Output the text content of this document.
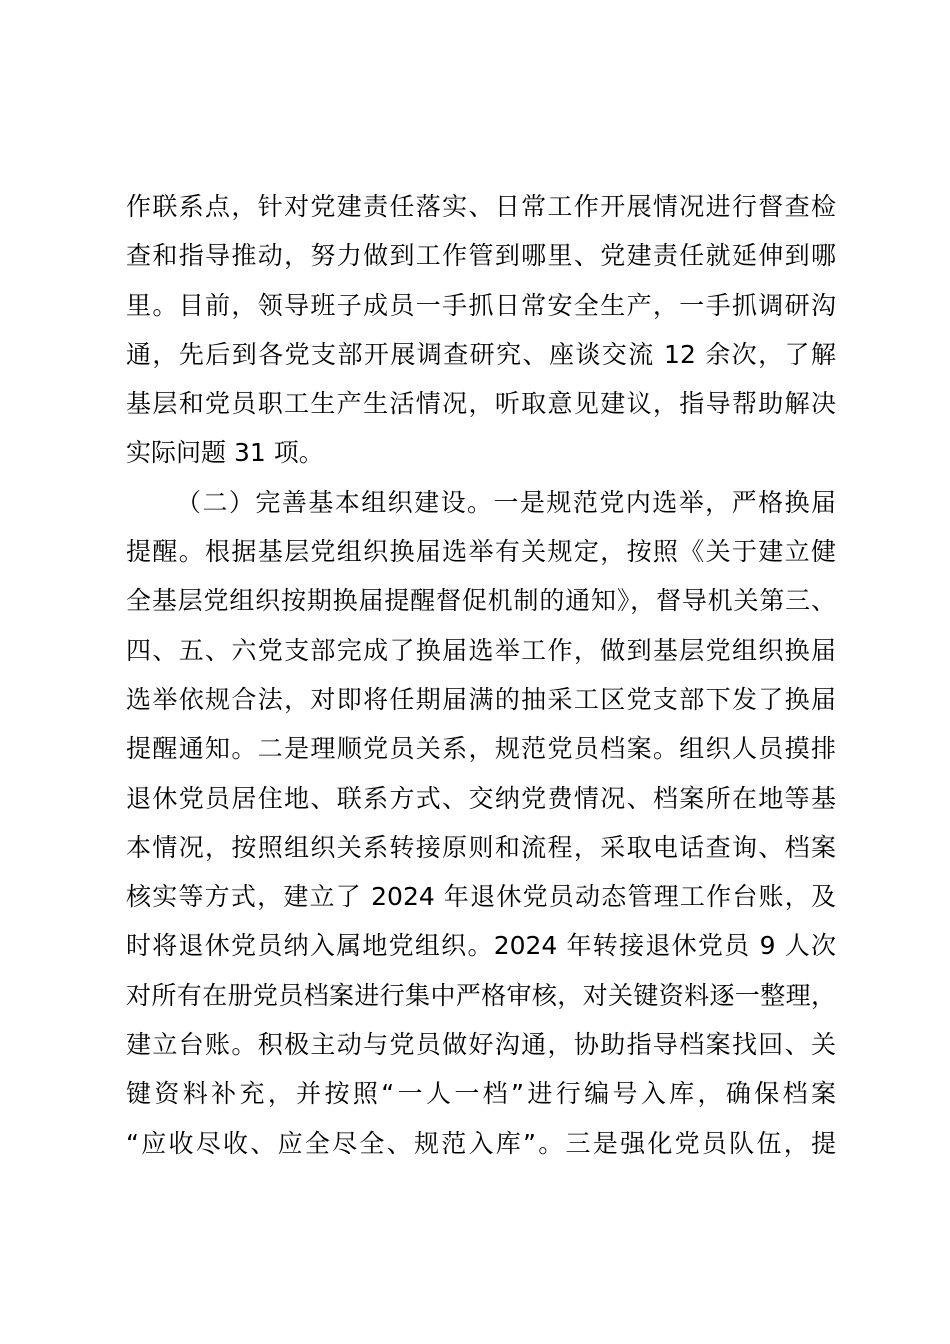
作联系点，针对党建责任落实、日常工作开展情况进行督查检
查和指导推动，努力做到工作管到哪里、党建责任就延伸到哪
里。目前，领导班子成员一手抓日常安全生产，一手抓调研沟
通，先后到各党支部开展调查研究、座谈交流 12 余次，了解
基层和党员职工生产生活情况，听取意见建议，指导帮助解决
实际问题 31 项。
（二）完善基本组织建设。一是规范党内选举，严格换届
提醒。根据基层党组织换届选举有关规定，按照《关于建立健
全基层党组织按期换届提醒督促机制的通知》，督导机关第三、
四、五、六党支部完成了换届选举工作，做到基层党组织换届
选举依规合法，对即将任期届满的抽采工区党支部下发了换届
提醒通知。二是理顺党员关系，规范党员档案。组织人员摸排
退休党员居住地、联系方式、交纳党费情况、档案所在地等基
本情况，按照组织关系转接原则和流程，采取电话查询、档案
核实等方式，建立了 2024 年退休党员动态管理工作台账，及
时将退休党员纳入属地党组织。2024 年转接退休党员 9 人次
对所有在册党员档案进行集中严格审核，对关键资料逐一整理，
建立台账。积极主动与党员做好沟通，协助指导档案找回、关
键资料补充，并按照“一人一档”进行编号入库，确保档案
“应收尽收、应全尽全、规范入库”。三是强化党员队伍，提
